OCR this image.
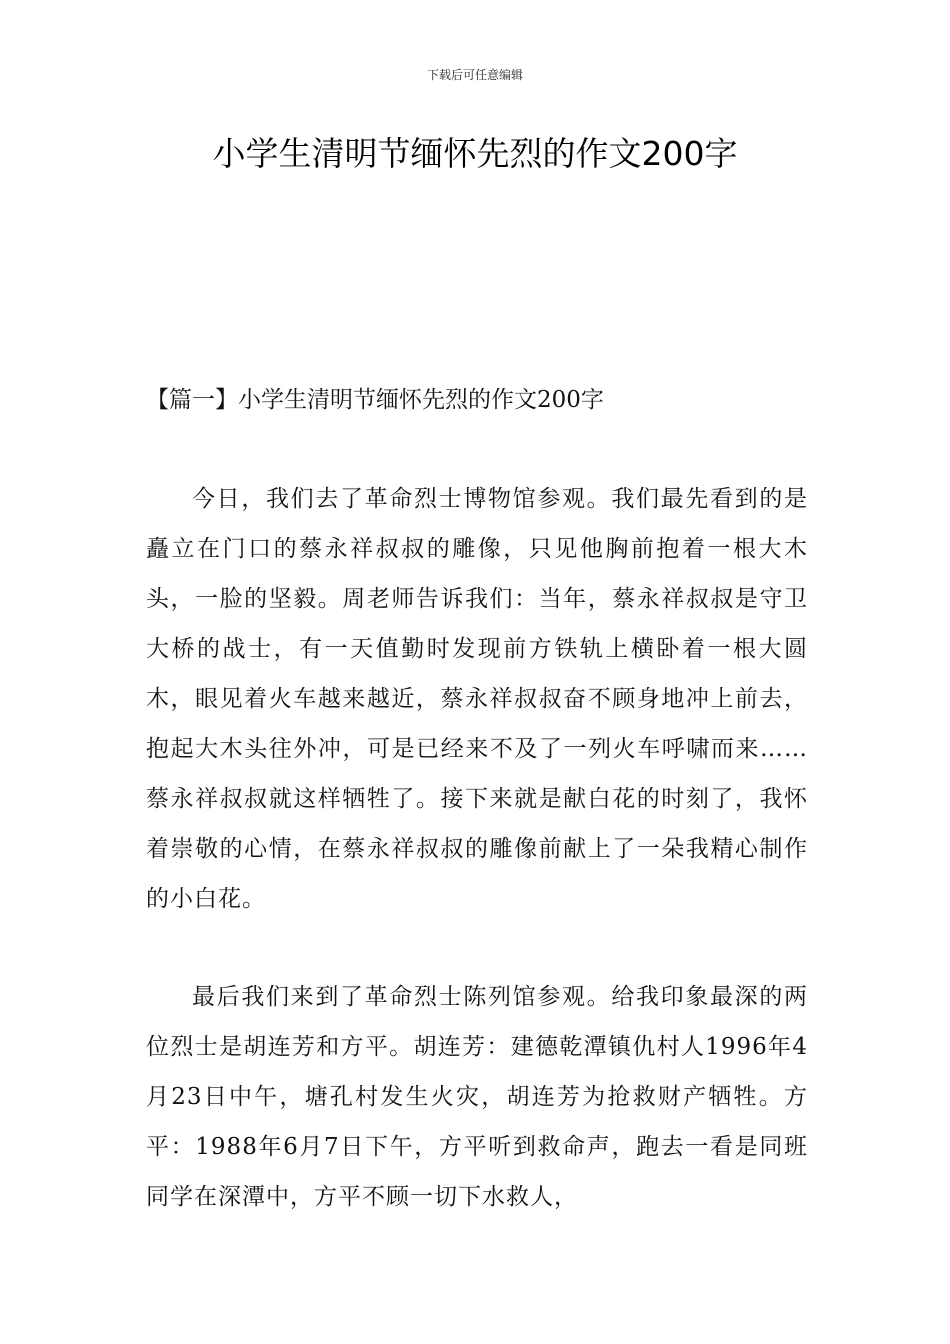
下载后可任意编辑
小学生清明节缅怀先烈的作文200字
【篇一】小学生清明节缅怀先烈的作文200字

今日，我们去了革命烈士博物馆参观。我们最先看到的是矗立在门口的蔡永祥叔叔的雕像，只见他胸前抱着一根大木头，一脸的坚毅。周老师告诉我们：当年，蔡永祥叔叔是守卫大桥的战士，有一天值勤时发现前方铁轨上横卧着一根大圆木，眼见着火车越来越近，蔡永祥叔叔奋不顾身地冲上前去，抱起大木头往外冲，可是已经来不及了一列火车呼啸而来……蔡永祥叔叔就这样牺牲了。接下来就是献白花的时刻了，我怀着崇敬的心情，在蔡永祥叔叔的雕像前献上了一朵我精心制作的小白花。

最后我们来到了革命烈士陈列馆参观。给我印象最深的两位烈士是胡连芳和方平。胡连芳：建德乾潭镇仇村人1996年4月23日中午，塘孔村发生火灾，胡连芳为抢救财产牺牲。方平：1988年6月7日下午，方平听到救命声，跑去一看是同班同学在深潭中，方平不顾一切下水救人，
